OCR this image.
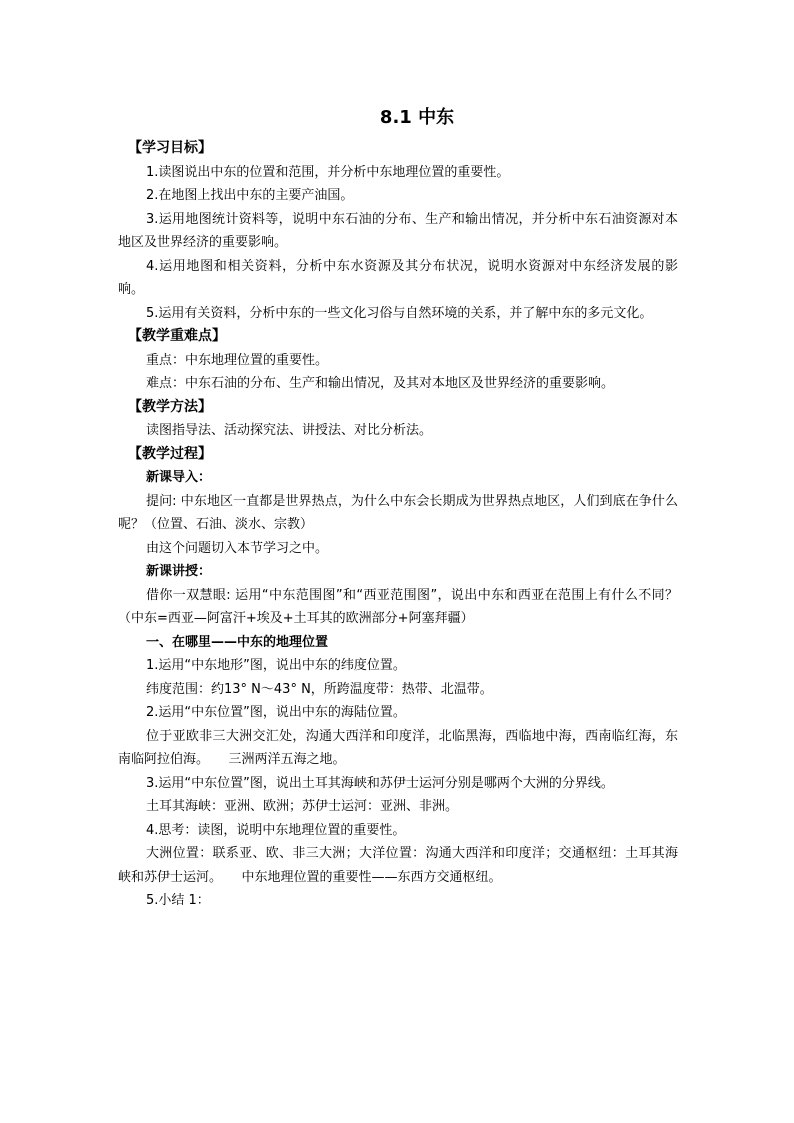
8.1 中东

【学习目标】

1.读图说出中东的位置和范围，并分析中东地理位置的重要性。

2.在地图上找出中东的主要产油国。

3.运用地图统计资料等，说明中东石油的分布、生产和输出情况，并分析中东石油资源对本地区及世界经济的重要影响。

4.运用地图和相关资料，分析中东水资源及其分布状况，说明水资源对中东经济发展的影响。

5.运用有关资料，分析中东的一些文化习俗与自然环境的关系，并了解中东的多元文化。

【教学重难点】

重点：中东地理位置的重要性。

难点：中东石油的分布、生产和输出情况，及其对本地区及世界经济的重要影响。

【教学方法】

读图指导法、活动探究法、讲授法、对比分析法。

【教学过程】

新课导入：

提问: 中东地区一直都是世界热点，为什么中东会长期成为世界热点地区，人们到底在争什么呢？（位置、石油、淡水、宗教）

由这个问题切入本节学习之中。

新课讲授：

借你一双慧眼: 运用“中东范围图”和“西亚范围图”，说出中东和西亚在范围上有什么不同？（中东=西亚—阿富汗+埃及+土耳其的欧洲部分+阿塞拜疆）

一、在哪里——中东的地理位置

1.运用“中东地形”图，说出中东的纬度位置。

纬度范围：约13° N～43° N，所跨温度带：热带、北温带。

2.运用“中东位置”图，说出中东的海陆位置。

位于亚欧非三大洲交汇处，沟通大西洋和印度洋，北临黑海，西临地中海，西南临红海，东南临阿拉伯海。　　三洲两洋五海之地。

3.运用“中东位置”图，说出土耳其海峡和苏伊士运河分别是哪两个大洲的分界线。

土耳其海峡：亚洲、欧洲；苏伊士运河：亚洲、非洲。

4.思考：读图，说明中东地理位置的重要性。

大洲位置：联系亚、欧、非三大洲；大洋位置：沟通大西洋和印度洋；交通枢纽：土耳其海峡和苏伊士运河。　　中东地理位置的重要性——东西方交通枢纽。

5.小结 1：
